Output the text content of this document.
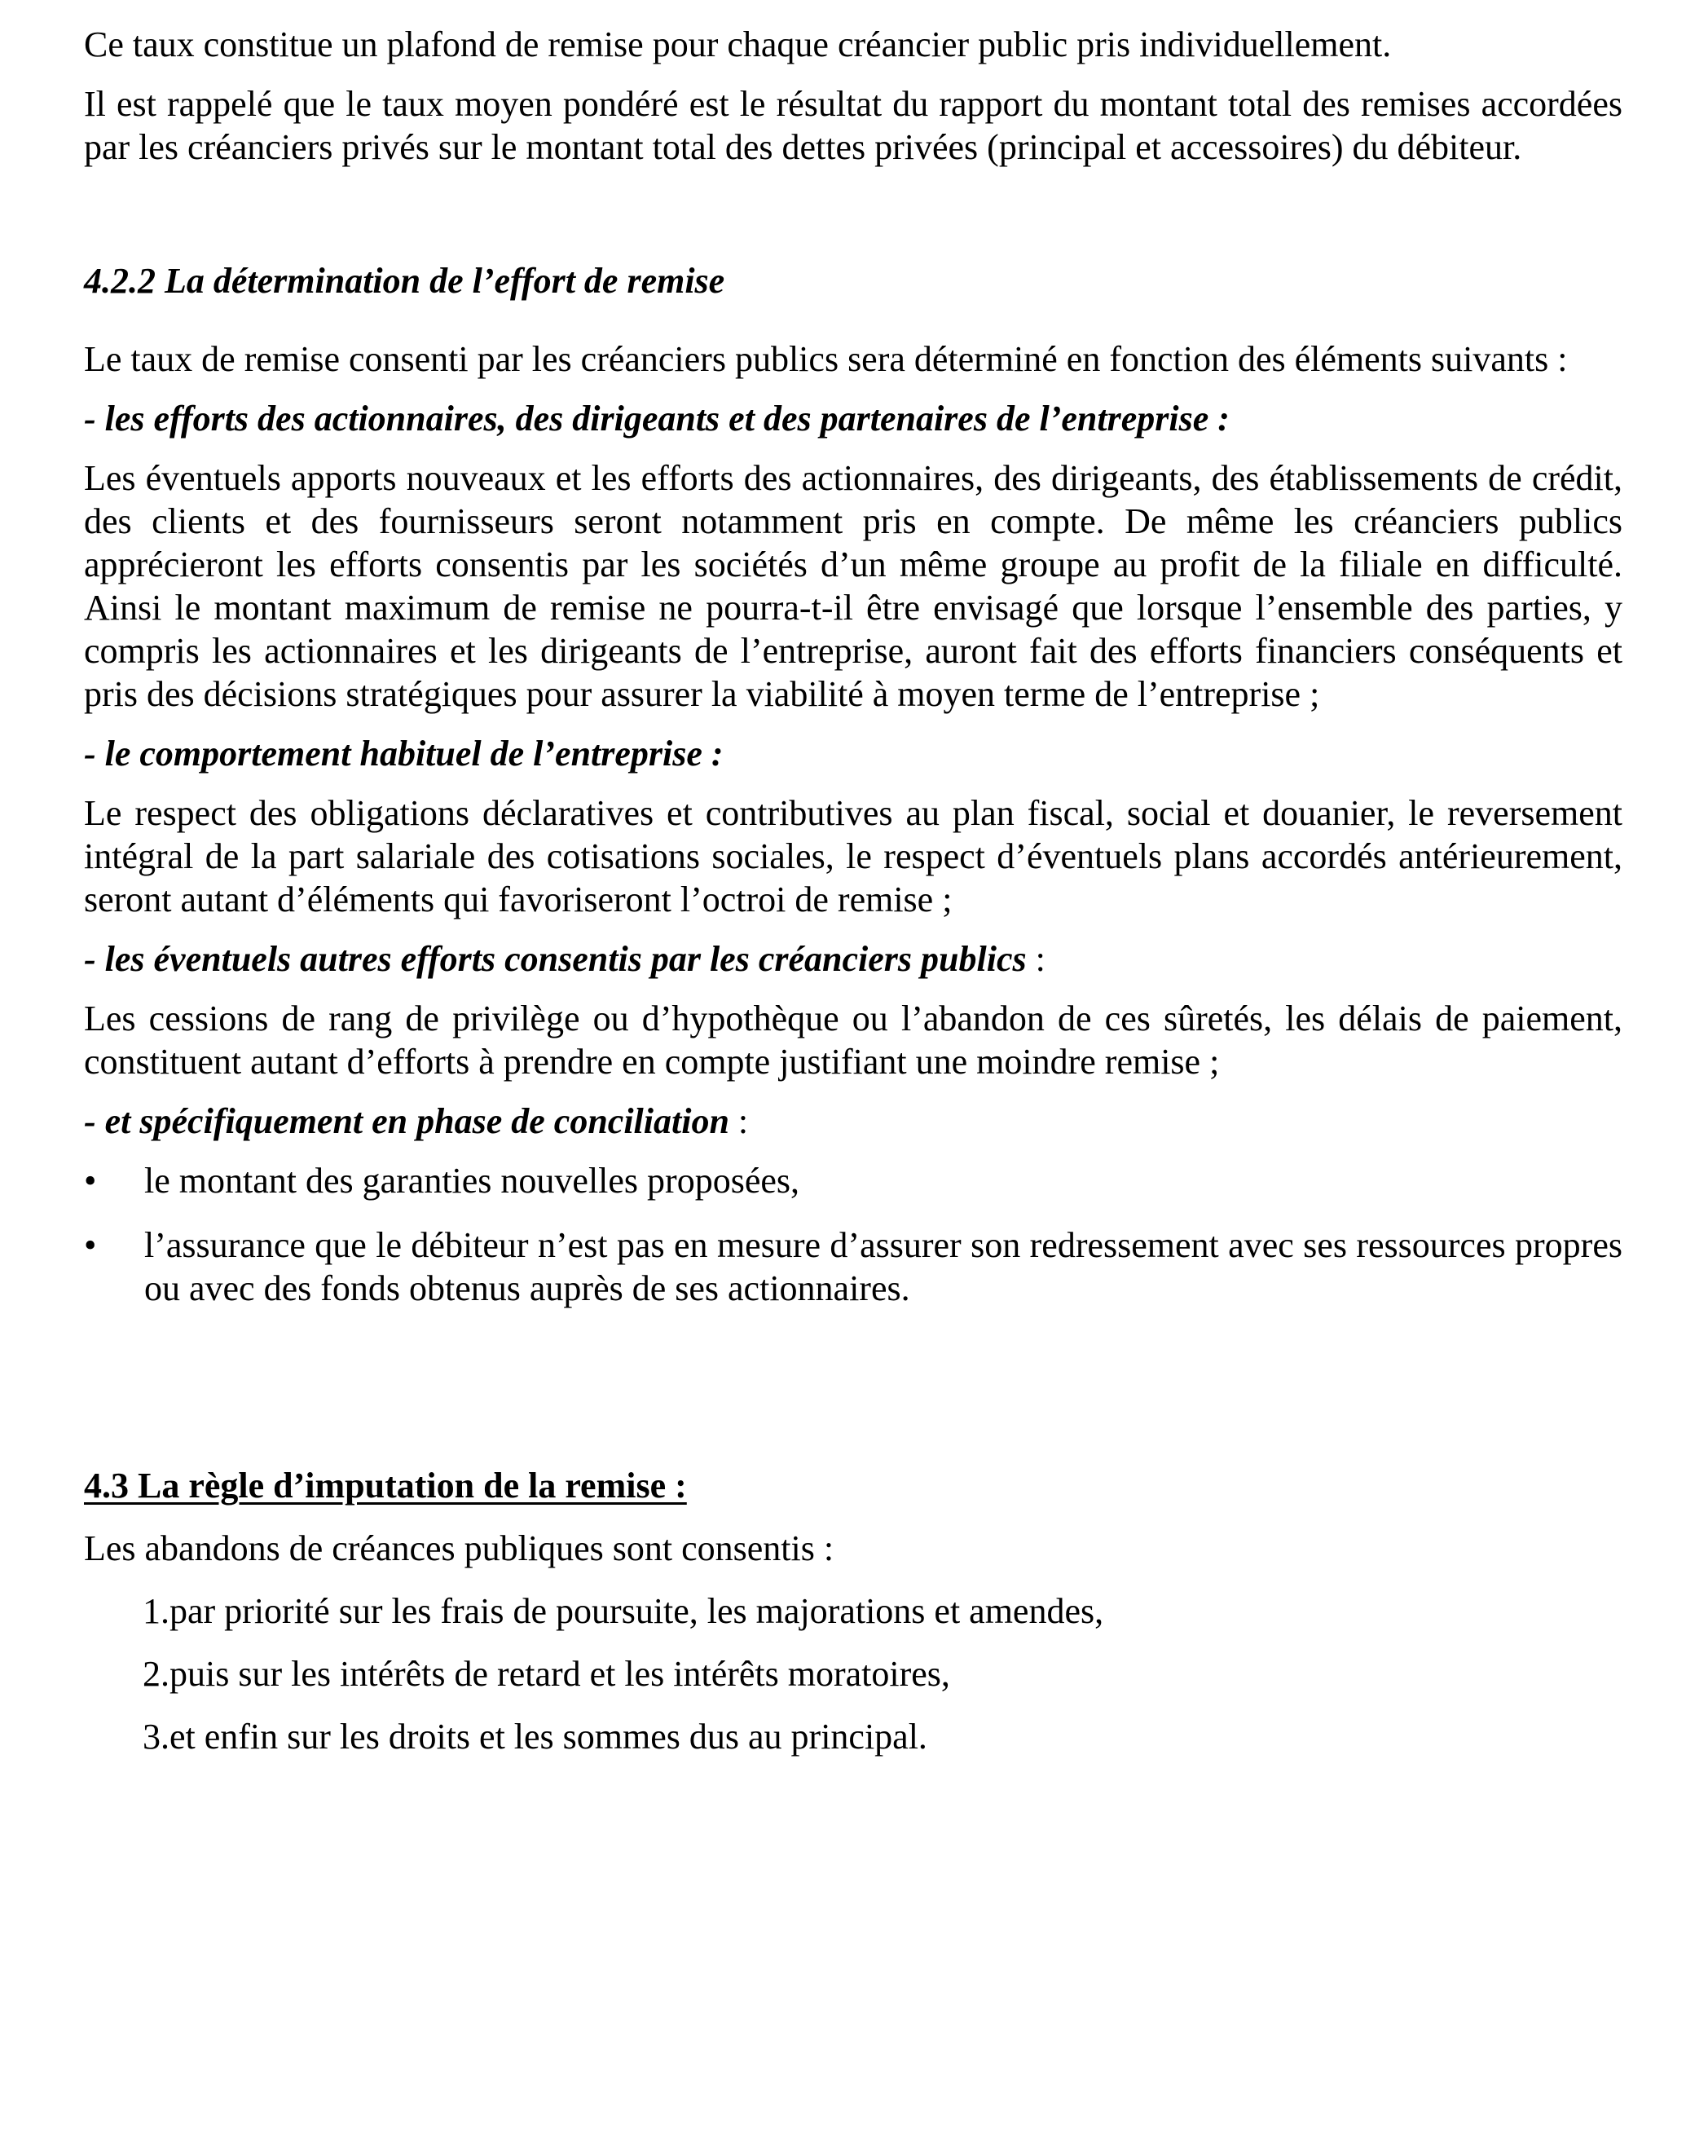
Ce taux constitue un plafond de remise pour chaque créancier public pris individuellement.

Il est rappelé que le taux moyen pondéré est le résultat du rapport du montant total des remises accordées par les créanciers privés sur le montant total des dettes privées (principal et accessoires) du débiteur.

4.2.2 La détermination de l’effort de remise

Le taux de remise consenti par les créanciers publics sera déterminé en fonction des éléments suivants :

- les efforts des actionnaires, des dirigeants et des partenaires de l’entreprise :

Les éventuels apports nouveaux et les efforts des actionnaires, des dirigeants, des établissements de crédit, des clients et des fournisseurs seront notamment pris en compte. De même les créanciers publics apprécieront les efforts consentis par les sociétés d’un même groupe au profit de la filiale en difficulté. Ainsi le montant maximum de remise ne pourra-t-il être envisagé que lorsque l’ensemble des parties, y compris les actionnaires et les dirigeants de l’entreprise, auront fait des efforts financiers conséquents et pris des décisions stratégiques pour assurer la viabilité à moyen terme de l’entreprise ;

- le comportement habituel de l’entreprise :

Le respect des obligations déclaratives et contributives au plan fiscal, social et douanier, le reversement intégral de la part salariale des cotisations sociales, le respect d’éventuels plans accordés antérieurement, seront autant d’éléments qui favoriseront l’octroi de remise ;

- les éventuels autres efforts consentis par les créanciers publics :

Les cessions de rang de privilège ou d’hypothèque ou l’abandon de ces sûretés, les délais de paiement, constituent autant d’efforts à prendre en compte justifiant une moindre remise ;

- et spécifiquement en phase de conciliation :

•	le montant des garanties nouvelles proposées,
•	l’assurance que le débiteur n’est pas en mesure d’assurer son redressement avec ses ressources propres ou avec des fonds obtenus auprès de ses actionnaires.

4.3 La règle d’imputation de la remise :

Les abandons de créances publiques sont consentis :

1. par priorité sur les frais de poursuite, les majorations et amendes,
2. puis sur les intérêts de retard et les intérêts moratoires,
3. et enfin sur les droits et les sommes dus au principal.
